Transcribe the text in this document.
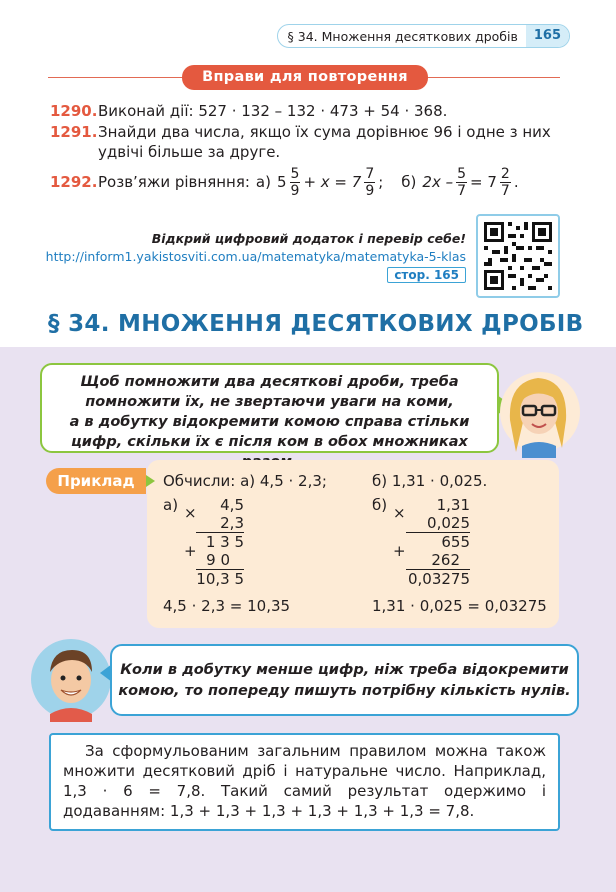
§ 34. Множення десяткових дробів	165
Вправи для повторення
1290.Виконай дії: 527 · 132 – 132 · 473 + 54 · 368.
1291. Знайди два числа, якщо їх сума дорівнює 96 і одне з них удвічі більше за друге.
1292. Розв’яжи рівняння: а) $5 \frac{5}{9} + x = 7 \frac{7}{9}$ ; б) $2x - \frac{5}{7} = 7 \frac{2}{7}$ .
Відкрий цифровий додаток і перевір себе!
http://inform1.yakistosviti.com.ua/matematyka/matematyka-5-klas
стор. 165
§ 34. МНОЖЕННЯ ДЕСЯТКОВИХ ДРОБІВ
Щоб помножити два десяткові дроби, треба
помножити їх, не звертаючи уваги на коми,
а в добутку відокремити комою справа стільки
цифр, скільки їх є після ком в обох множниках
Приклад	Обчисли: а) 4,5 · 2,3;	б) 1,31 · 0,025.
а) ×
+
4,5
2,3
1 3 5
9 0
10,3 5
4,5 · 2,3 = 10,35
б) ×
+
1,31
0,025
655
262
0,03275
1,31 · 0,025 = 0,03275
Коли в добутку менше цифр, ніж треба відокремити
комою, то попереду пишуть потрібну кількість нулів.
За сформульованим загальним правилом можна також множити десятковий дріб і натуральне число. Наприклад, 1,3 · 6 = 7,8. Такий самий результат одержимо і додаванням: 1,3 + 1,3 + 1,3 + 1,3 + 1,3 + 1,3 = 7,8.
